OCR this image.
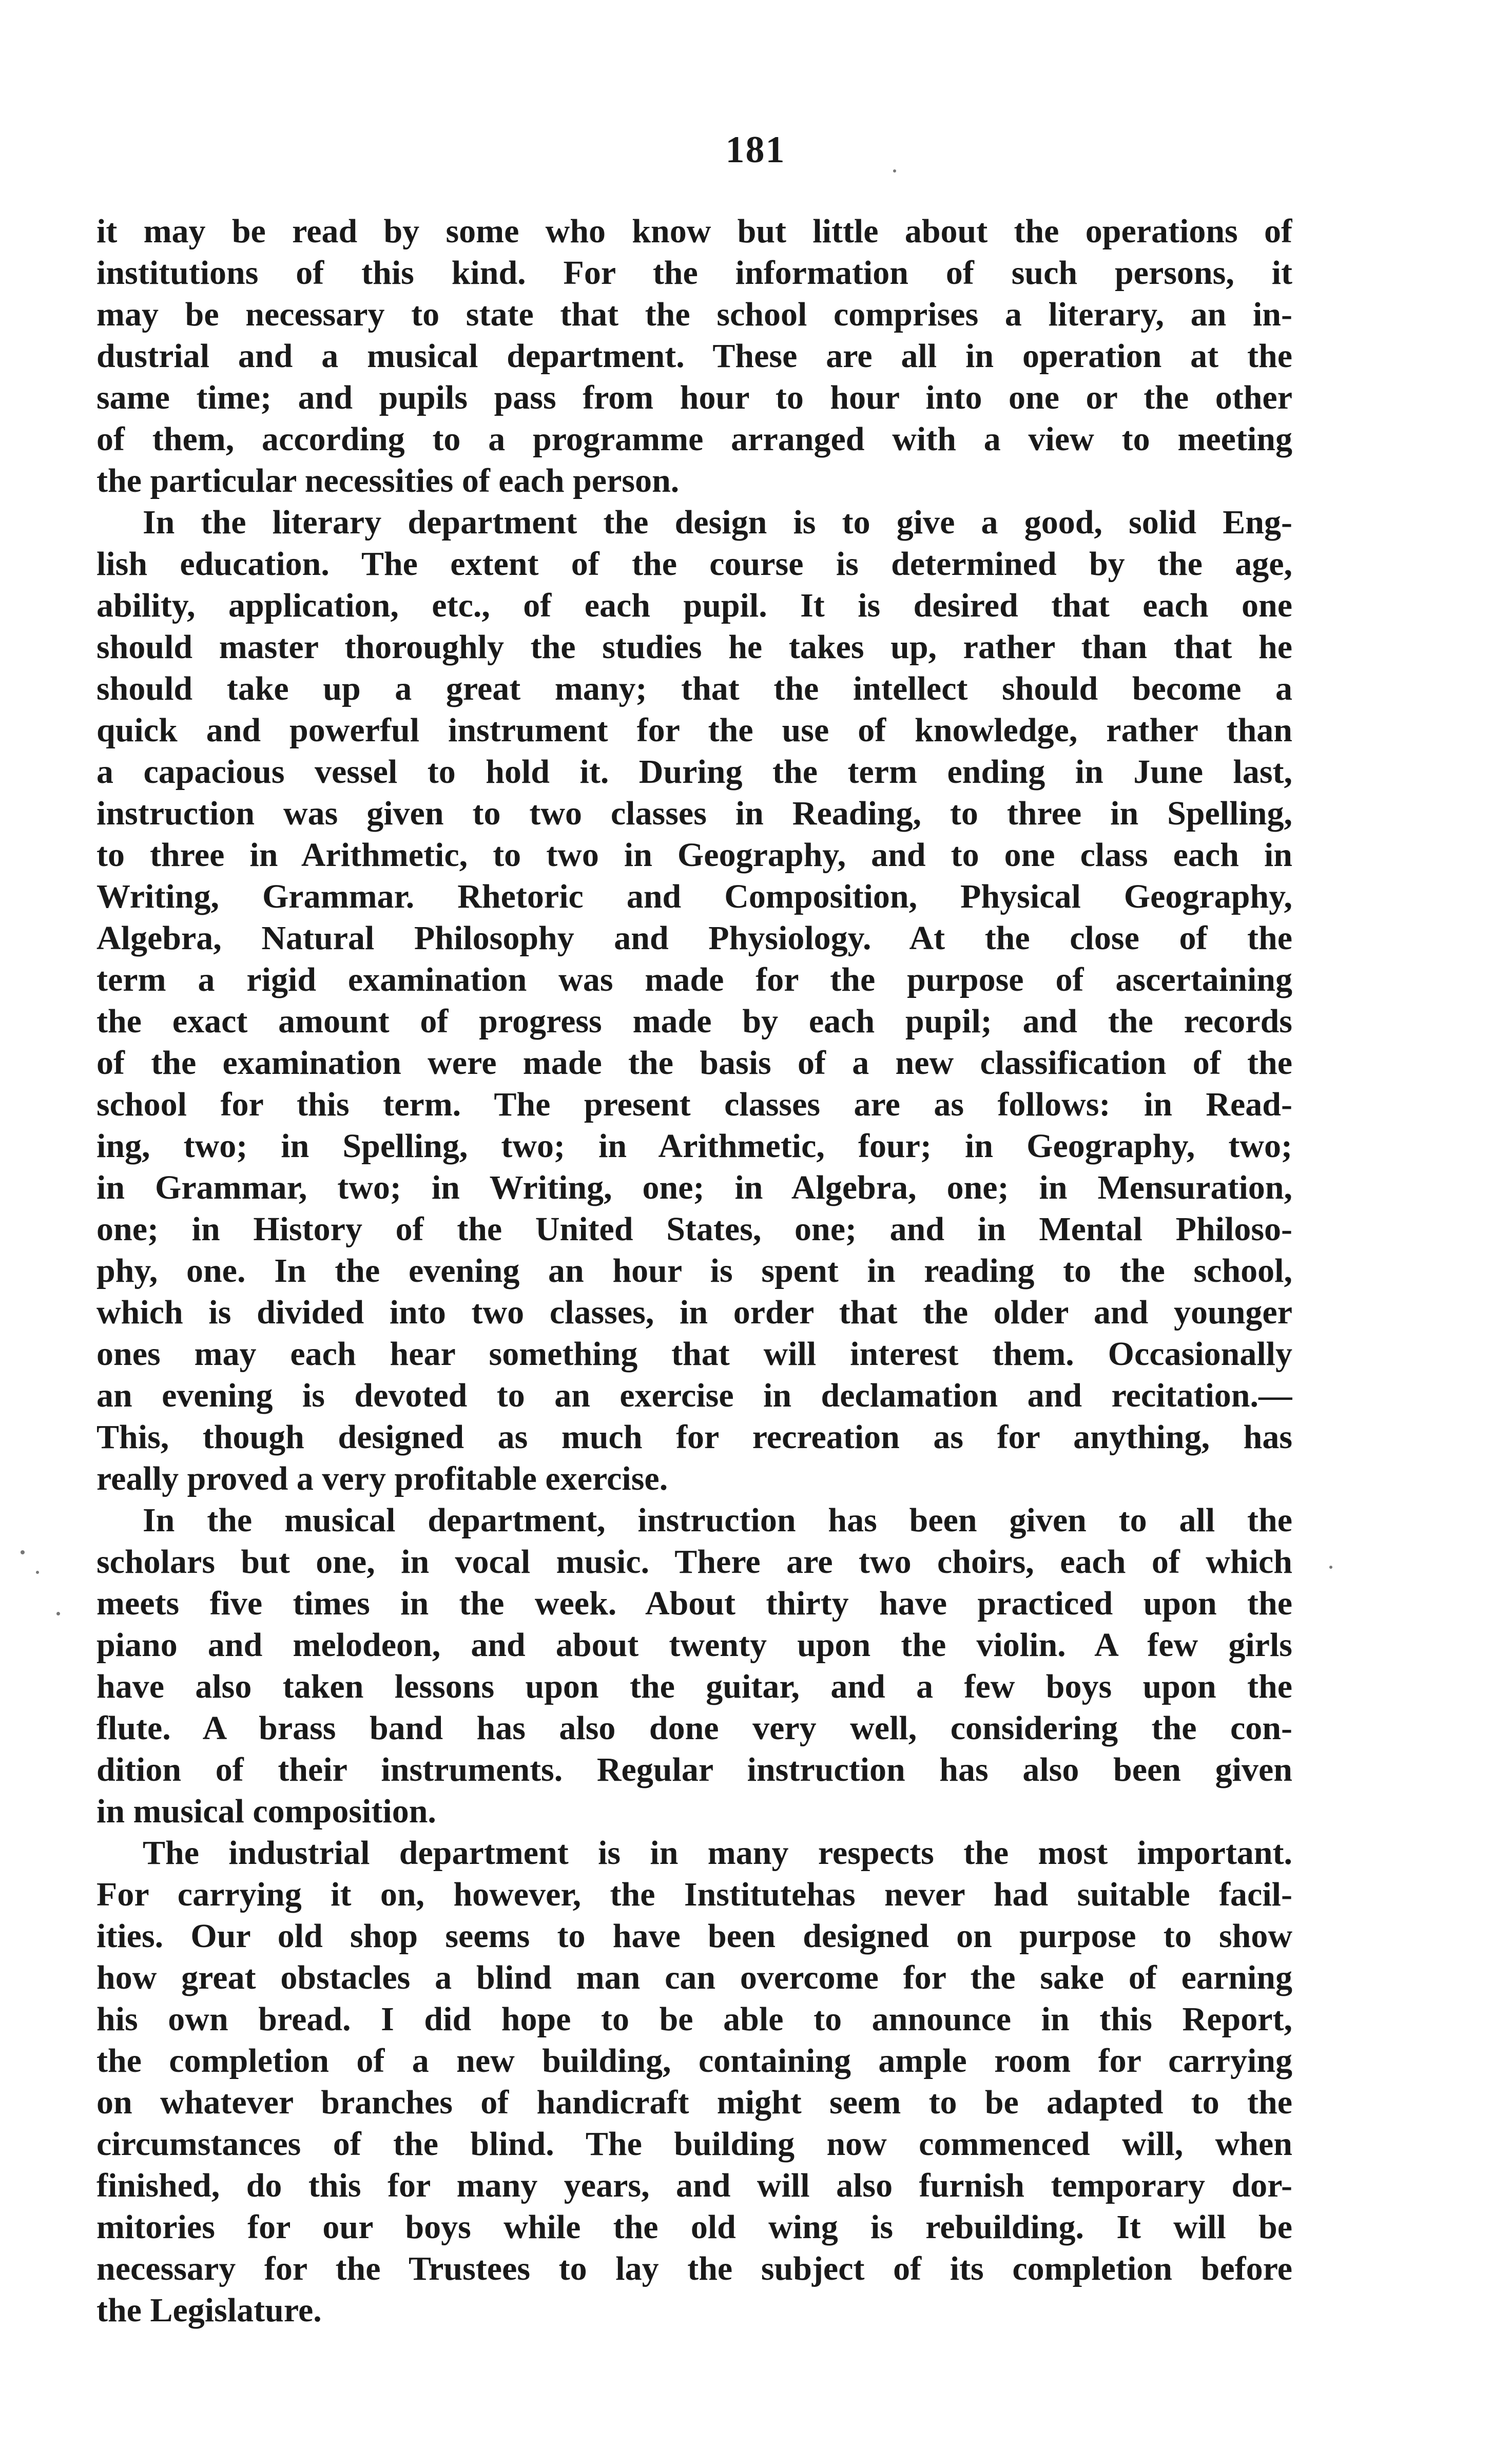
181
it may be read by some who know but little about the operations of
institutions of this kind. For the information of such persons, it
may be necessary to state that the school comprises a literary, an in-
dustrial and a musical department. These are all in operation at the
same time; and pupils pass from hour to hour into one or the other
of them, according to a programme arranged with a view to meeting
the particular necessities of each person.
In the literary department the design is to give a good, solid Eng-
lish education. The extent of the course is determined by the age,
ability, application, etc., of each pupil. It is desired that each one
should master thoroughly the studies he takes up, rather than that he
should take up a great many; that the intellect should become a
quick and powerful instrument for the use of knowledge, rather than
a capacious vessel to hold it. During the term ending in June last,
instruction was given to two classes in Reading, to three in Spelling,
to three in Arithmetic, to two in Geography, and to one class each in
Writing, Grammar. Rhetoric and Composition, Physical Geography,
Algebra, Natural Philosophy and Physiology. At the close of the
term a rigid examination was made for the purpose of ascertaining
the exact amount of progress made by each pupil; and the records
of the examination were made the basis of a new classification of the
school for this term. The present classes are as follows: in Read-
ing, two; in Spelling, two; in Arithmetic, four; in Geography, two;
in Grammar, two; in Writing, one; in Algebra, one; in Mensuration,
one; in History of the United States, one; and in Mental Philoso-
phy, one. In the evening an hour is spent in reading to the school,
which is divided into two classes, in order that the older and younger
ones may each hear something that will interest them. Occasionally
an evening is devoted to an exercise in declamation and recitation.—
This, though designed as much for recreation as for anything, has
really proved a very profitable exercise.
In the musical department, instruction has been given to all the
scholars but one, in vocal music. There are two choirs, each of which
meets five times in the week. About thirty have practiced upon the
piano and melodeon, and about twenty upon the violin. A few girls
have also taken lessons upon the guitar, and a few boys upon the
flute. A brass band has also done very well, considering the con-
dition of their instruments. Regular instruction has also been given
in musical composition.
The industrial department is in many respects the most important.
For carrying it on, however, the Institutehas never had suitable facil-
ities. Our old shop seems to have been designed on purpose to show
how great obstacles a blind man can overcome for the sake of earning
his own bread. I did hope to be able to announce in this Report,
the completion of a new building, containing ample room for carrying
on whatever branches of handicraft might seem to be adapted to the
circumstances of the blind. The building now commenced will, when
finished, do this for many years, and will also furnish temporary dor-
mitories for our boys while the old wing is rebuilding. It will be
necessary for the Trustees to lay the subject of its completion before
the Legislature.
